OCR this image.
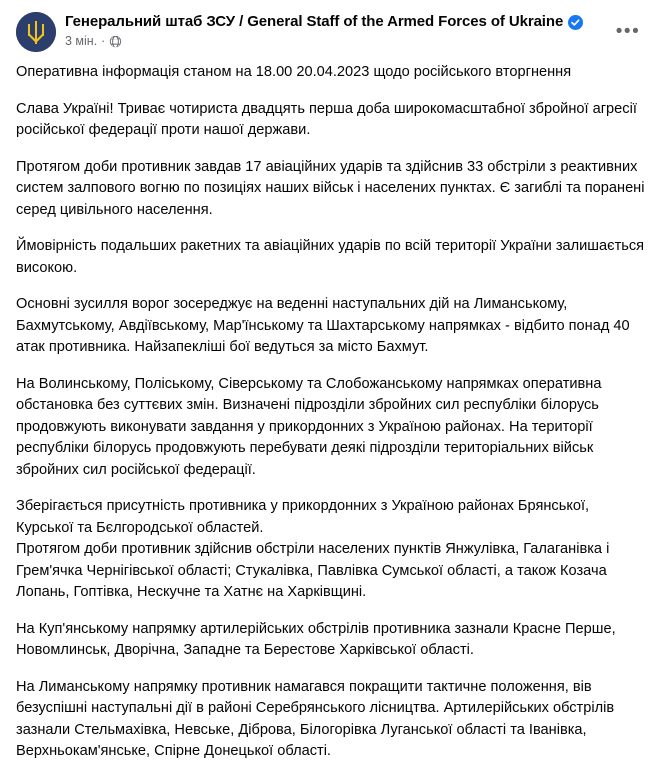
Генеральний штаб ЗСУ / General Staff of the Armed Forces of Ukraine
3 мін. ·	•••

Оперативна інформація станом на 18.00 20.04.2023 щодо російського вторгнення

Слава Україні! Триває чотириста двадцять перша доба широкомасштабної збройної агресії російської федерації проти нашої держави.

Протягом доби противник завдав 17 авіаційних ударів та здійснив 33 обстріли з реактивних систем залпового вогню по позиціях наших військ і населених пунктах. Є загиблі та поранені серед цивільного населення.

Ймовірність подальших ракетних та авіаційних ударів по всій території України залишається високою.

Основні зусилля ворог зосереджує на веденні наступальних дій на Лиманському, Бахмутському, Авдіївському, Мар'їнському та Шахтарському напрямках - відбито понад 40 атак противника. Найзапекліші бої ведуться за місто Бахмут.

На Волинському, Поліському, Сіверському та Слобожанському напрямках оперативна обстановка без суттєвих змін. Визначені підрозділи збройних сил республіки білорусь продовжують виконувати завдання у прикордонних з Україною районах. На території республіки білорусь продовжують перебувати деякі підрозділи територіальних військ збройних сил російської федерації.

Зберігається присутність противника у прикордонних з Україною районах Брянської, Курської та Бєлгородської областей.

Протягом доби противник здійснив обстріли населених пунктів Янжулівка, Галаганівка і Грем'ячка Чернігівської області; Стукалівка, Павлівка Сумської області, а також Козача Лопань, Гоптівка, Нескучне та Хатнє на Харківщині.

На Куп'янському напрямку артилерійських обстрілів противника зазнали Красне Перше, Новомлинськ, Дворічна, Западне та Берестове Харківської області.

На Лиманському напрямку противник намагався покращити тактичне положення, вів безуспішні наступальні дії в районі Серебрянського лісництва. Артилерійських обстрілів зазнали Стельмахівка, Невське, Діброва, Білогорівка Луганської області та Іванівка, Верхньокам'янське, Спірне Донецької області.
